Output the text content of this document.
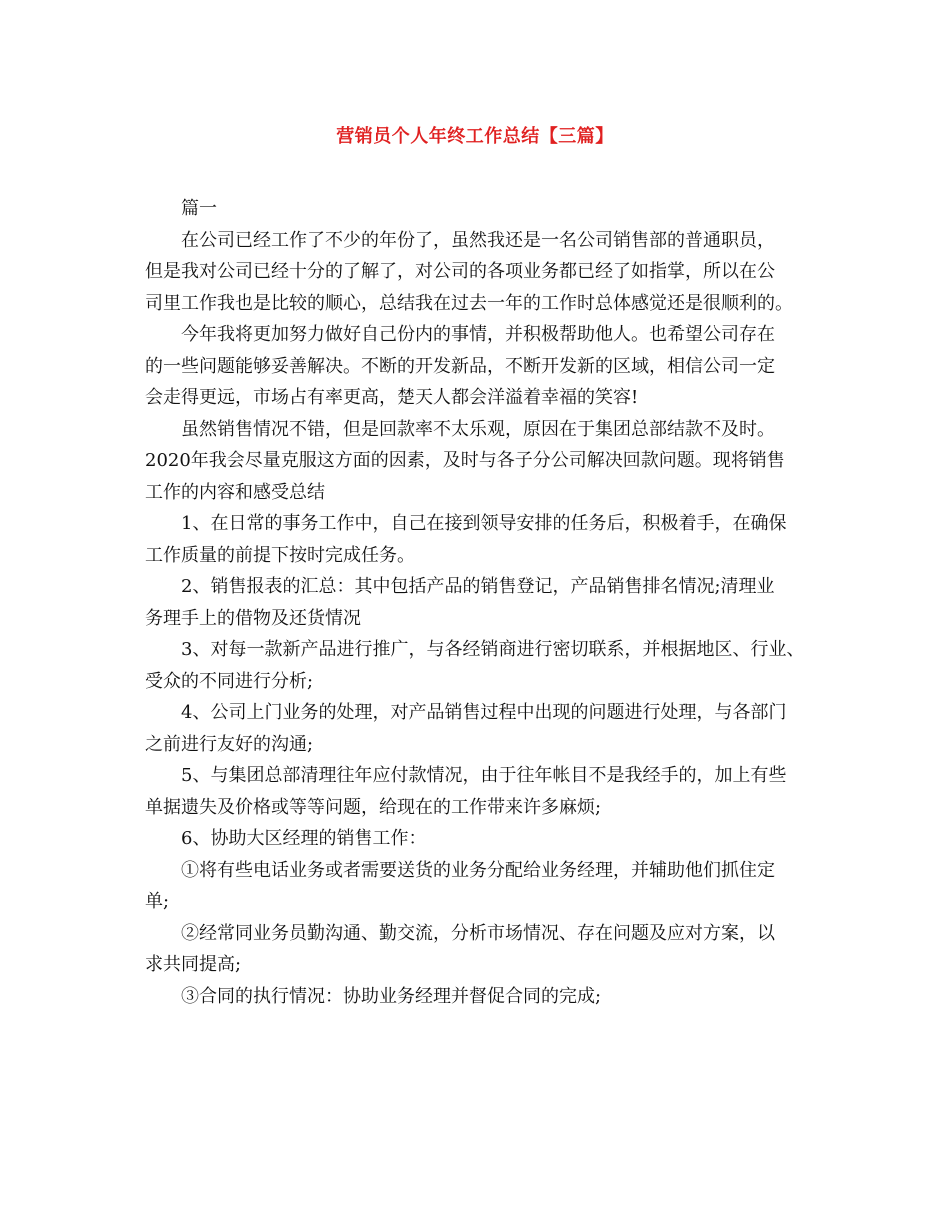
营销员个人年终工作总结【三篇】

篇一

在公司已经工作了不少的年份了，虽然我还是一名公司销售部的普通职员，
但是我对公司已经十分的了解了，对公司的各项业务都已经了如指掌，所以在公
司里工作我也是比较的顺心，总结我在过去一年的工作时总体感觉还是很顺利的。

今年我将更加努力做好自己份内的事情，并积极帮助他人。也希望公司存在
的一些问题能够妥善解决。不断的开发新品，不断开发新的区域，相信公司一定
会走得更远，市场占有率更高，楚天人都会洋溢着幸福的笑容!

虽然销售情况不错，但是回款率不太乐观，原因在于集团总部结款不及时。
2020年我会尽量克服这方面的因素，及时与各子分公司解决回款问题。现将销售
工作的内容和感受总结

1、在日常的事务工作中，自己在接到领导安排的任务后，积极着手，在确保
工作质量的前提下按时完成任务。

2、销售报表的汇总：其中包括产品的销售登记，产品销售排名情况;清理业
务理手上的借物及还货情况

3、对每一款新产品进行推广，与各经销商进行密切联系，并根据地区、行业、
受众的不同进行分析;

4、公司上门业务的处理，对产品销售过程中出现的问题进行处理，与各部门
之前进行友好的沟通;

5、与集团总部清理往年应付款情况，由于往年帐目不是我经手的，加上有些
单据遗失及价格或等等问题，给现在的工作带来许多麻烦;

6、协助大区经理的销售工作：

①将有些电话业务或者需要送货的业务分配给业务经理，并辅助他们抓住定
单;

②经常同业务员勤沟通、勤交流，分析市场情况、存在问题及应对方案，以
求共同提高;

③合同的执行情况：协助业务经理并督促合同的完成;
